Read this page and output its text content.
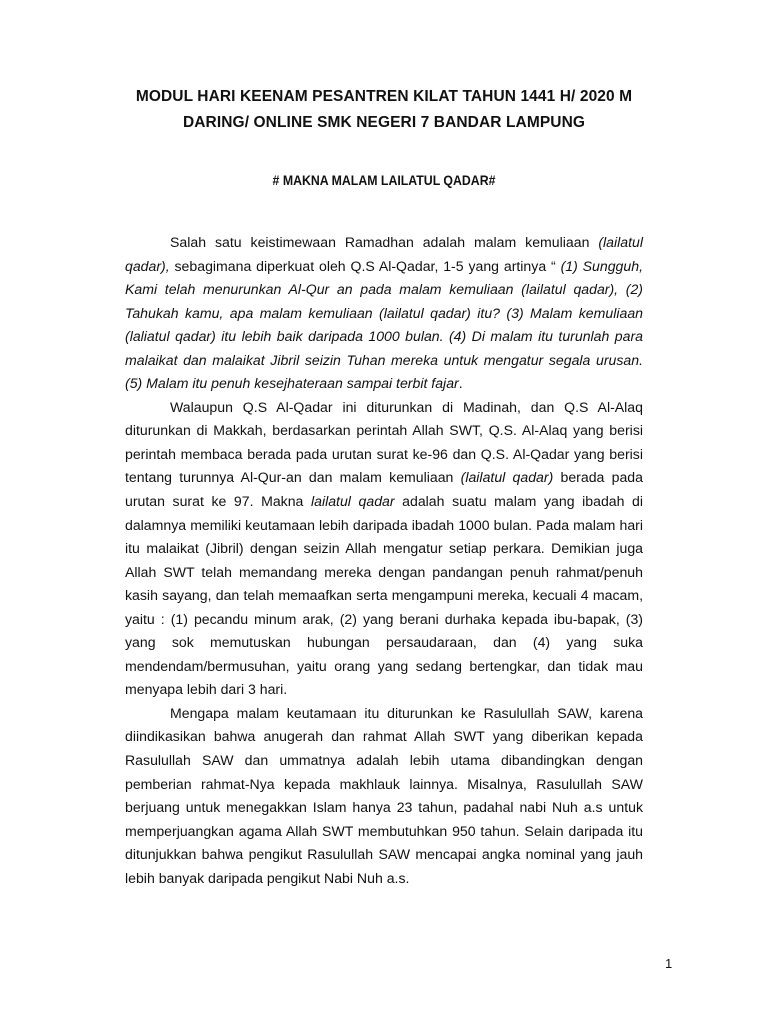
MODUL HARI KEENAM PESANTREN KILAT TAHUN 1441 H/ 2020 M
DARING/ ONLINE SMK NEGERI 7 BANDAR LAMPUNG
# MAKNA MALAM LAILATUL QADAR#

Salah satu keistimewaan Ramadhan adalah malam kemuliaan (lailatul qadar), sebagimana diperkuat oleh Q.S Al-Qadar, 1-5 yang artinya “ (1) Sungguh, Kami telah menurunkan Al-Qur an pada malam kemuliaan (lailatul qadar), (2) Tahukah kamu, apa malam kemuliaan (lailatul qadar) itu? (3) Malam kemuliaan (laliatul qadar) itu lebih baik daripada 1000 bulan. (4) Di malam itu turunlah para malaikat dan malaikat Jibril seizin Tuhan mereka untuk mengatur segala urusan. (5) Malam itu penuh kesejhateraan sampai terbit fajar.

Walaupun Q.S Al-Qadar ini diturunkan di Madinah, dan Q.S Al-Alaq diturunkan di Makkah, berdasarkan perintah Allah SWT, Q.S. Al-Alaq yang berisi perintah membaca berada pada urutan surat ke-96 dan Q.S. Al-Qadar yang berisi tentang turunnya Al-Qur-an dan malam kemuliaan (lailatul qadar) berada pada urutan surat ke 97. Makna lailatul qadar adalah suatu malam yang ibadah di dalamnya memiliki keutamaan lebih daripada ibadah 1000 bulan. Pada malam hari itu malaikat (Jibril) dengan seizin Allah mengatur setiap perkara. Demikian juga Allah SWT telah memandang mereka dengan pandangan penuh rahmat/penuh kasih sayang, dan telah memaafkan serta mengampuni mereka, kecuali 4 macam, yaitu : (1) pecandu minum arak, (2) yang berani durhaka kepada ibu-bapak, (3) yang sok memutuskan hubungan persaudaraan, dan (4) yang suka mendendam/bermusuhan, yaitu orang yang sedang bertengkar, dan tidak mau menyapa lebih dari 3 hari.

Mengapa malam keutamaan itu diturunkan ke Rasulullah SAW, karena diindikasikan bahwa anugerah dan rahmat Allah SWT yang diberikan kepada Rasulullah SAW dan ummatnya adalah lebih utama dibandingkan dengan pemberian rahmat-Nya kepada makhlauk lainnya. Misalnya, Rasulullah SAW berjuang untuk menegakkan Islam hanya 23 tahun, padahal nabi Nuh a.s untuk memperjuangkan agama Allah SWT membutuhkan 950 tahun. Selain daripada itu ditunjukkan bahwa pengikut Rasulullah SAW mencapai angka nominal yang jauh lebih banyak daripada pengikut Nabi Nuh a.s.

1
